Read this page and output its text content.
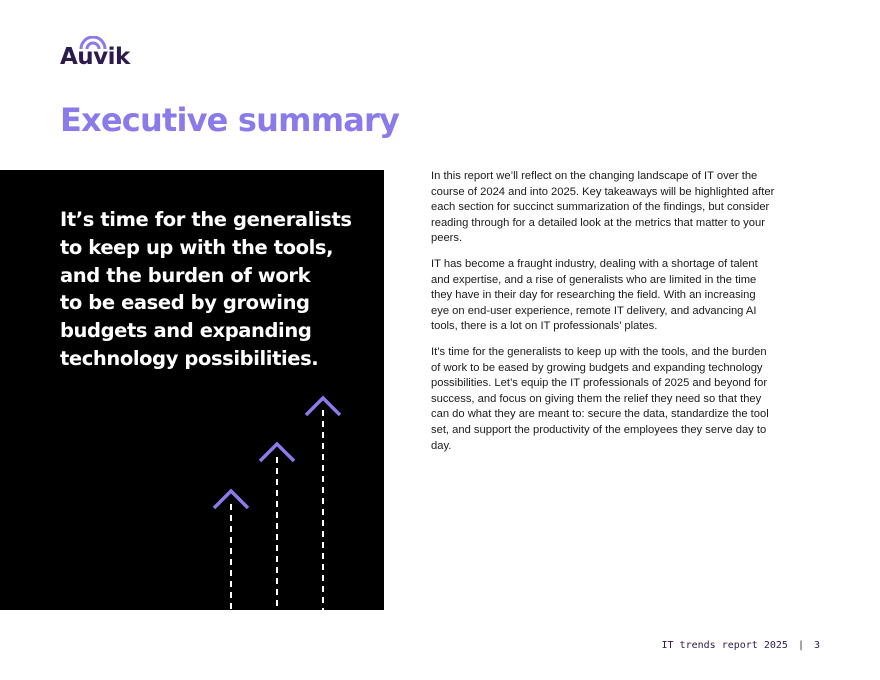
Auvik
Executive summary

It’s time for the generalists
to keep up with the tools,
and the burden of work
to be eased by growing
budgets and expanding
technology possibilities.

In this report we’ll reflect on the changing landscape of IT over the course of 2024 and into 2025. Key takeaways will be highlighted after each section for succinct summarization of the findings, but consider reading through for a detailed look at the metrics that matter to your peers.

IT has become a fraught industry, dealing with a shortage of talent and expertise, and a rise of generalists who are limited in the time they have in their day for researching the field. With an increasing eye on end-user experience, remote IT delivery, and advancing AI tools, there is a lot on IT professionals’ plates.

It’s time for the generalists to keep up with the tools, and the burden of work to be eased by growing budgets and expanding technology possibilities. Let’s equip the IT professionals of 2025 and beyond for success, and focus on giving them the relief they need so that they can do what they are meant to: secure the data, standardize the tool set, and support the productivity of the employees they serve day to day.

IT trends report 2025 | 3
